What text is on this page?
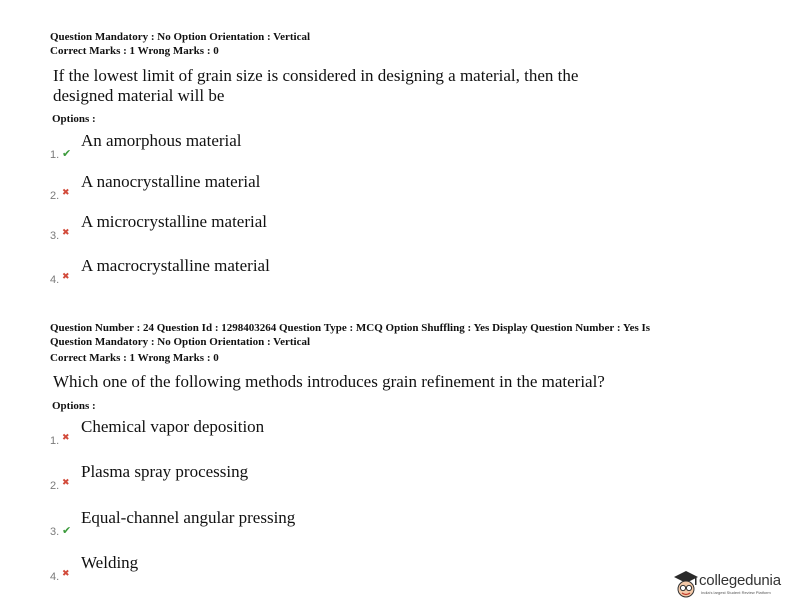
Question Mandatory : No Option Orientation : Vertical
Correct Marks : 1 Wrong Marks : 0
If the lowest limit of grain size is considered in designing a material, then the
designed material will be
Options :
1. ✔
An amorphous material
2. ✖
A nanocrystalline material
3. ✖
A microcrystalline material
4. ✖
A macrocrystalline material
Question Number : 24 Question Id : 1298403264 Question Type : MCQ Option Shuffling : Yes Display Question Number : Yes Is
Question Mandatory : No Option Orientation : Vertical
Correct Marks : 1 Wrong Marks : 0
Which one of the following methods introduces grain refinement in the material?
Options :
1. ✖
Chemical vapor deposition
2. ✖
Plasma spray processing
3. ✔
Equal-channel angular pressing
4. ✖
Welding
collegedunia
India's largest Student Review Platform
